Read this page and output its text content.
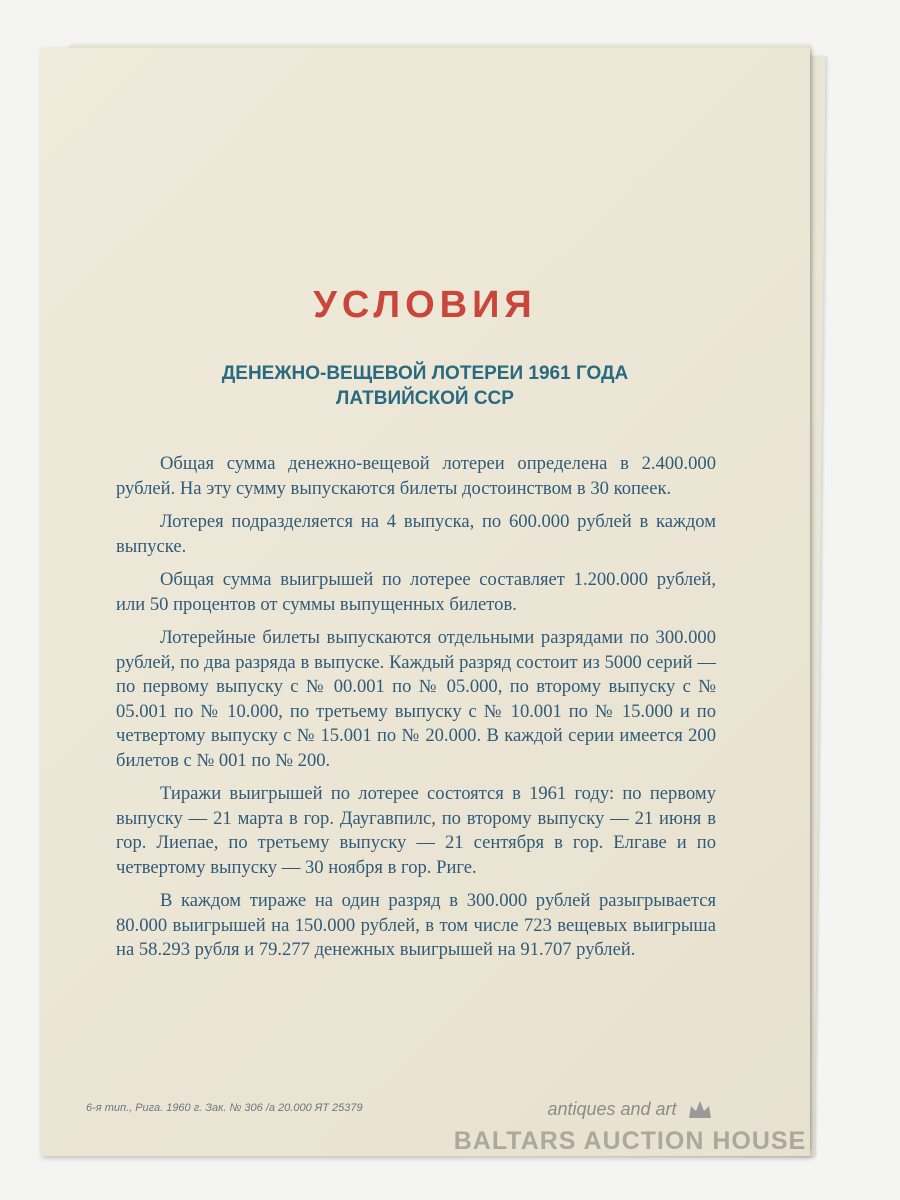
УСЛОВИЯ
ДЕНЕЖНО-ВЕЩЕВОЙ ЛОТЕРЕИ 1961 ГОДА
ЛАТВИЙСКОЙ ССР

Общая сумма денежно-вещевой лотереи определена в 2.400.000 рублей. На эту сумму выпускаются билеты достоинством в 30 копеек.

Лотерея подразделяется на 4 выпуска, по 600.000 рублей в каждом выпуске.

Общая сумма выигрышей по лотерее составляет 1.200.000 рублей, или 50 процентов от суммы выпущенных билетов.

Лотерейные билеты выпускаются отдельными разрядами по 300.000 рублей, по два разряда в выпуске. Каждый разряд состоит из 5000 серий — по первому выпуску с № 00.001 по № 05.000, по второму выпуску с № 05.001 по № 10.000, по третьему выпуску с № 10.001 по № 15.000 и по четвертому выпуску с № 15.001 по № 20.000. В каждой серии имеется 200 билетов с № 001 по № 200.

Тиражи выигрышей по лотерее состоятся в 1961 году: по первому выпуску — 21 марта в гор. Даугавпилс, по второму выпуску — 21 июня в гор. Лиепае, по третьему выпуску — 21 сентября в гор. Елгаве и по четвертому выпуску — 30 ноября в гор. Риге.

В каждом тираже на один разряд в 300.000 рублей разыгрывается 80.000 выигрышей на 150.000 рублей, в том числе 723 вещевых выигрыша на 58.293 рубля и 79.277 денежных выигрышей на 91.707 рублей.

6-я тип., Рига. 1960 г. Зак. № 306 /а 20.000 ЯТ 25379	antiques and art
BALTARS AUCTION HOUSE
